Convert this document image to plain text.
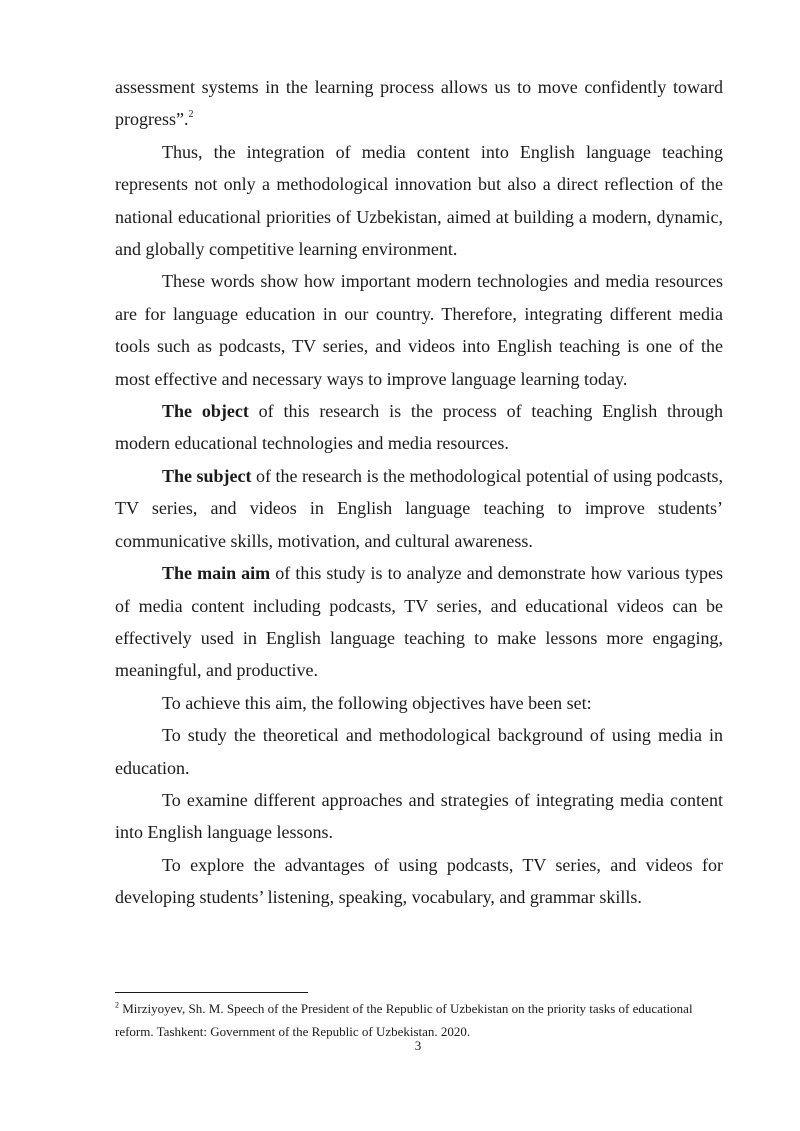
assessment systems in the learning process allows us to move confidently toward progress”.$^2$

Thus, the integration of media content into English language teaching represents not only a methodological innovation but also a direct reflection of the national educational priorities of Uzbekistan, aimed at building a modern, dynamic, and globally competitive learning environment.

These words show how important modern technologies and media resources are for language education in our country. Therefore, integrating different media tools such as podcasts, TV series, and videos into English teaching is one of the most effective and necessary ways to improve language learning today.

The object of this research is the process of teaching English through modern educational technologies and media resources.

The subject of the research is the methodological potential of using podcasts, TV series, and videos in English language teaching to improve students’ communicative skills, motivation, and cultural awareness.

The main aim of this study is to analyze and demonstrate how various types of media content including podcasts, TV series, and educational videos can be effectively used in English language teaching to make lessons more engaging, meaningful, and productive.

To achieve this aim, the following objectives have been set:

To study the theoretical and methodological background of using media in education.

To examine different approaches and strategies of integrating media content into English language lessons.

To explore the advantages of using podcasts, TV series, and videos for developing students’ listening, speaking, vocabulary, and grammar skills.

$^2$ Mirziyoyev, Sh. M. Speech of the President of the Republic of Uzbekistan on the priority tasks of educational reform. Tashkent: Government of the Republic of Uzbekistan. 2020.

3
